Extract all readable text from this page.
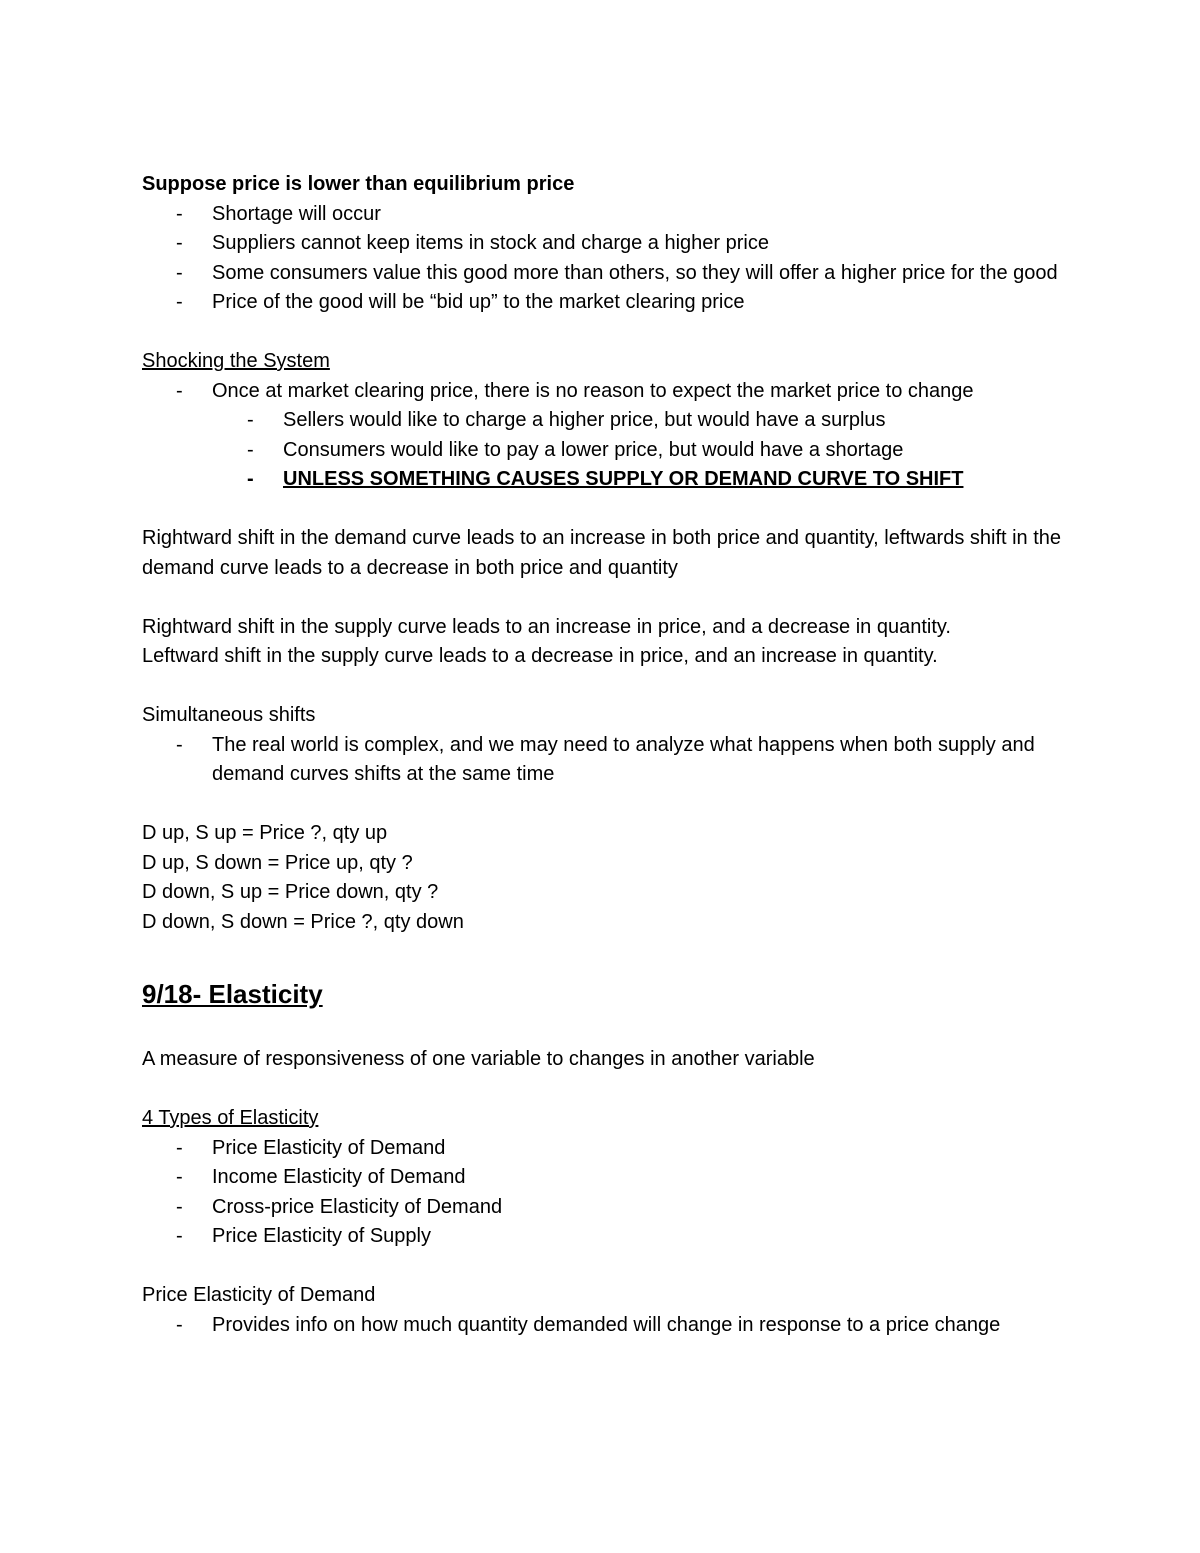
Suppose price is lower than equilibrium price

- Shortage will occur
- Suppliers cannot keep items in stock and charge a higher price
- Some consumers value this good more than others, so they will offer a higher price for the good
- Price of the good will be “bid up” to the market clearing price

Shocking the System

- Once at market clearing price, there is no reason to expect the market price to change
- Sellers would like to charge a higher price, but would have a surplus
- Consumers would like to pay a lower price, but would have a shortage
- UNLESS SOMETHING CAUSES SUPPLY OR DEMAND CURVE TO SHIFT

Rightward shift in the demand curve leads to an increase in both price and quantity, leftwards shift in the demand curve leads to a decrease in both price and quantity

Rightward shift in the supply curve leads to an increase in price, and a decrease in quantity.

Leftward shift in the supply curve leads to a decrease in price, and an increase in quantity.

Simultaneous shifts

- The real world is complex, and we may need to analyze what happens when both supply and demand curves shifts at the same time

D up, S up = Price ?, qty up

D up, S down = Price up, qty ?

D down, S up = Price down, qty ?

D down, S down = Price ?, qty down

9/18- Elasticity

A measure of responsiveness of one variable to changes in another variable

4 Types of Elasticity

- Price Elasticity of Demand
- Income Elasticity of Demand
- Cross-price Elasticity of Demand
- Price Elasticity of Supply

Price Elasticity of Demand

- Provides info on how much quantity demanded will change in response to a price change
